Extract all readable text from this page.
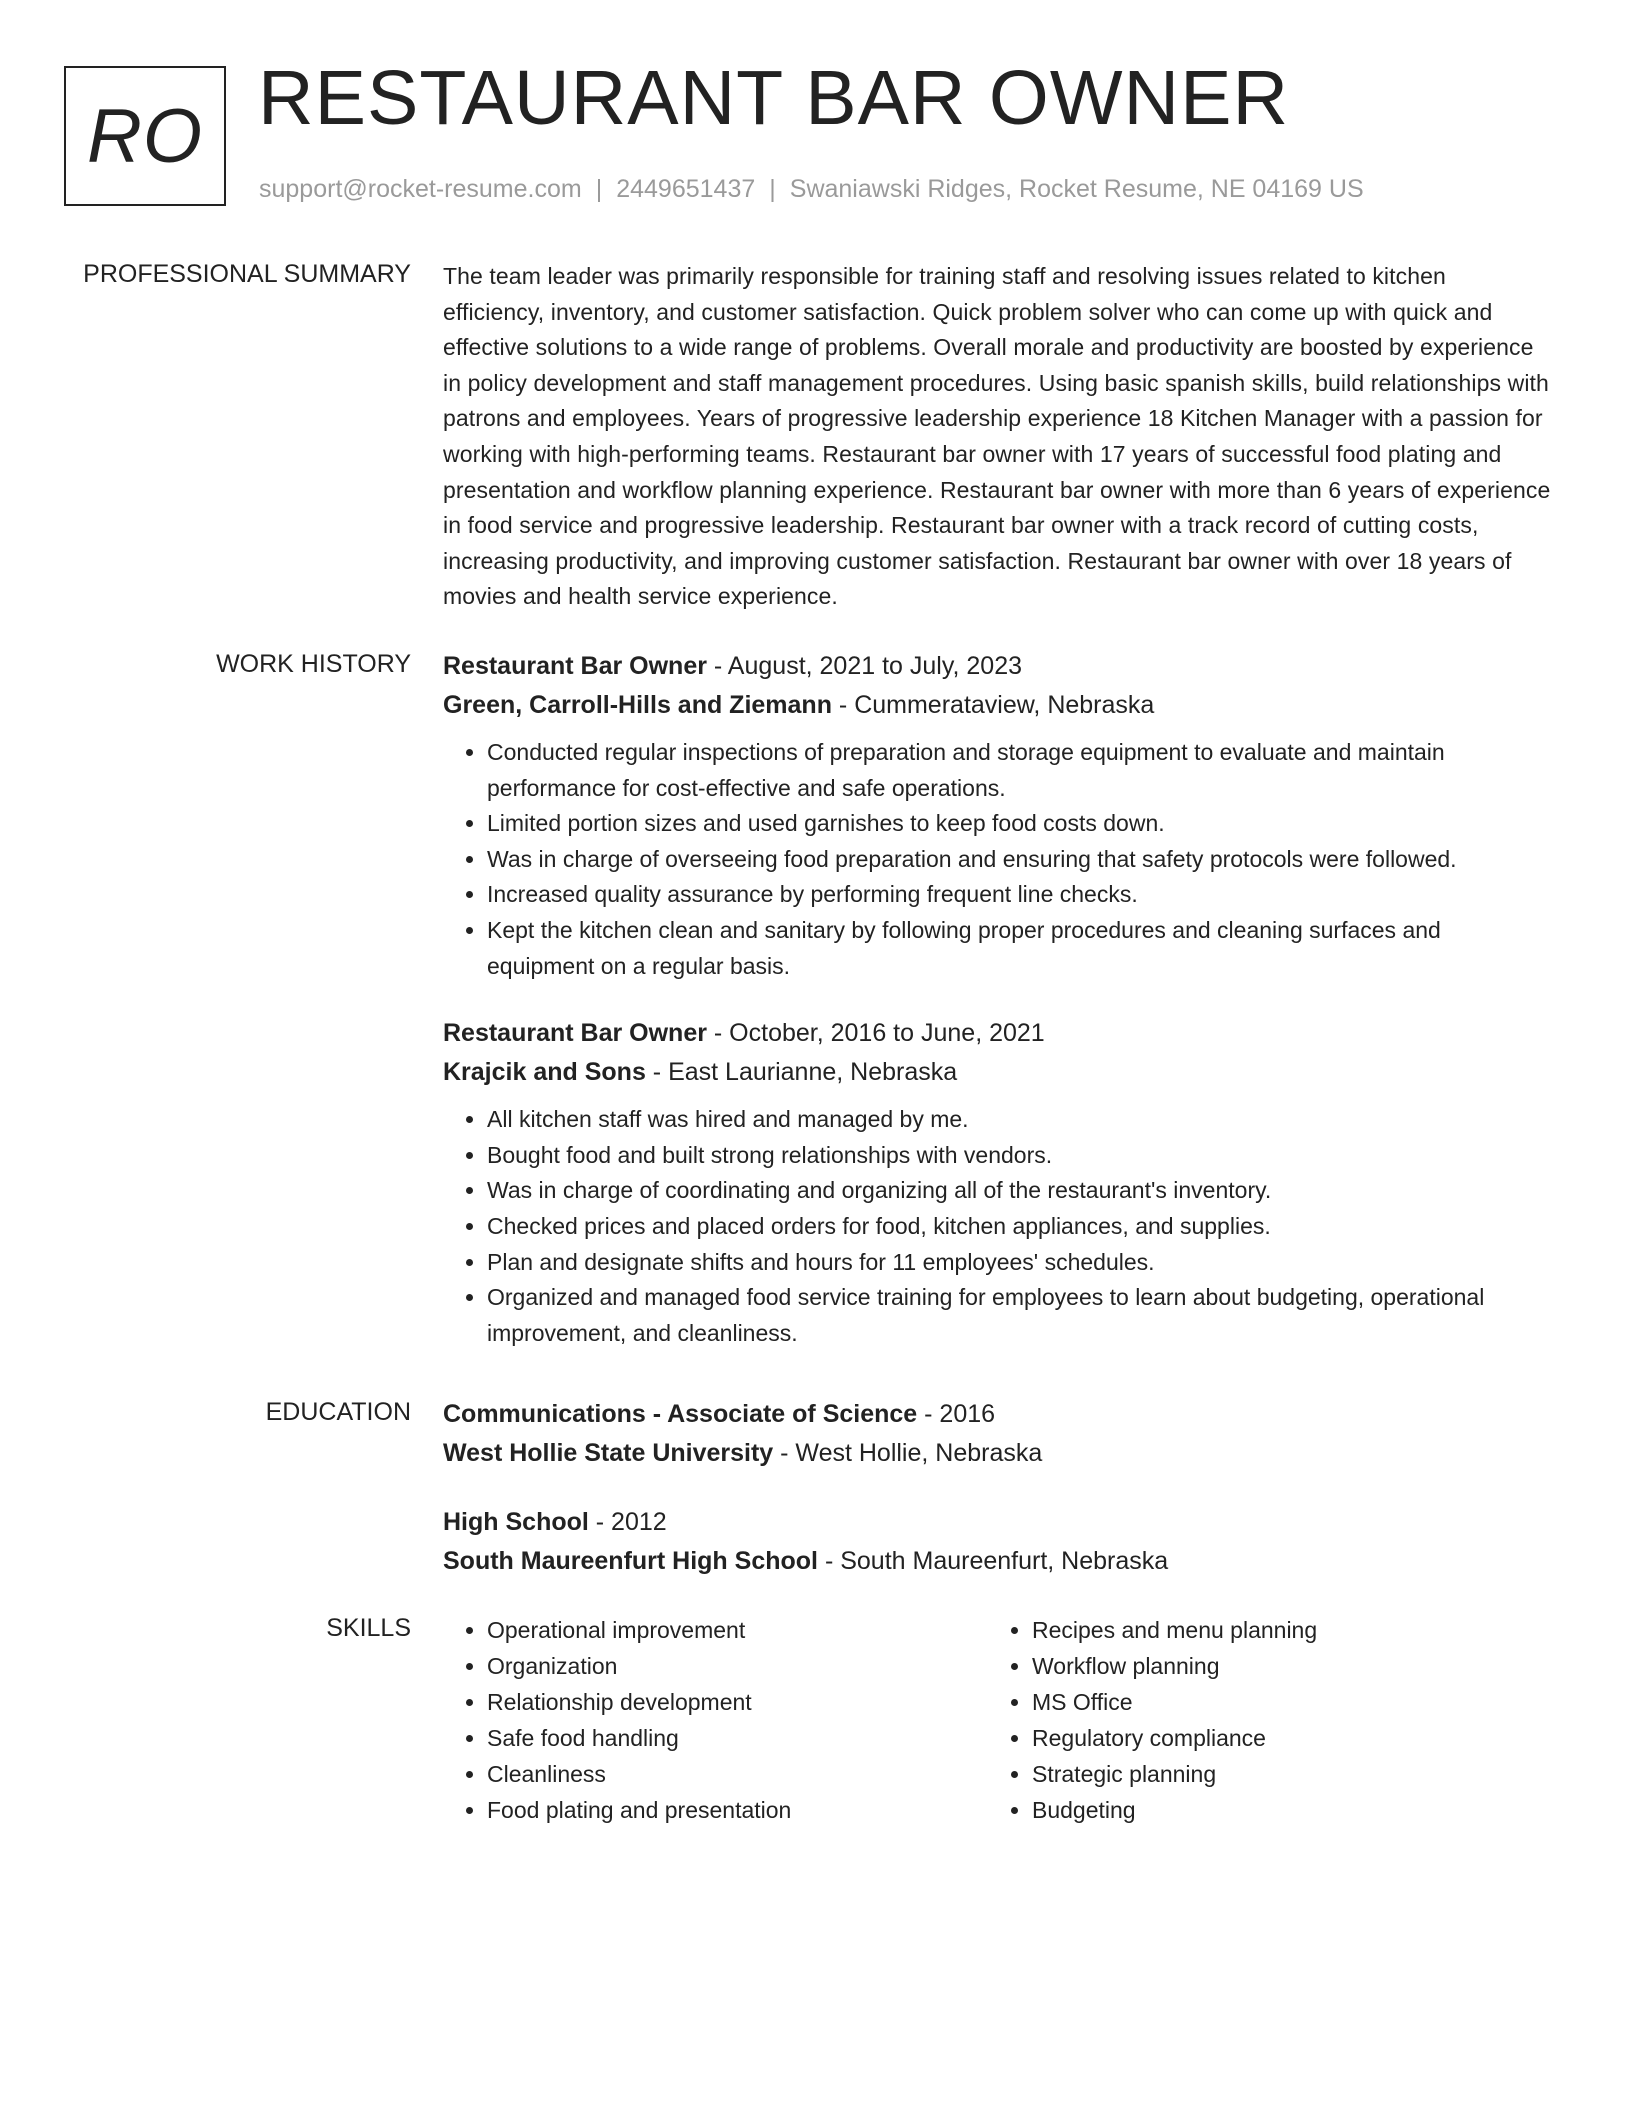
RO RESTAURANT BAR OWNER
support@rocket-resume.com | 2449651437 | Swaniawski Ridges, Rocket Resume, NE 04169 US
PROFESSIONAL SUMMARY The team leader was primarily responsible for training staff and resolving issues related to kitchen efficiency, inventory, and customer satisfaction. Quick problem solver who can come up with quick and effective solutions to a wide range of problems. Overall morale and productivity are boosted by experience in policy development and staff management procedures. Using basic spanish skills, build relationships with patrons and employees. Years of progressive leadership experience 18 Kitchen Manager with a passion for working with high-performing teams. Restaurant bar owner with 17 years of successful food plating and presentation and workflow planning experience. Restaurant bar owner with more than 6 years of experience in food service and progressive leadership. Restaurant bar owner with a track record of cutting costs, increasing productivity, and improving customer satisfaction. Restaurant bar owner with over 18 years of movies and health service experience.

WORK HISTORY Restaurant Bar Owner - August, 2021 to July, 2023
Green, Carroll-Hills and Ziemann - Cummerataview, Nebraska
• Conducted regular inspections of preparation and storage equipment to evaluate and maintain performance for cost-effective and safe operations.
• Limited portion sizes and used garnishes to keep food costs down.
• Was in charge of overseeing food preparation and ensuring that safety protocols were followed.
• Increased quality assurance by performing frequent line checks.
• Kept the kitchen clean and sanitary by following proper procedures and cleaning surfaces and equipment on a regular basis.
Restaurant Bar Owner - October, 2016 to June, 2021
Krajcik and Sons - East Laurianne, Nebraska
• All kitchen staff was hired and managed by me.
• Bought food and built strong relationships with vendors.
• Was in charge of coordinating and organizing all of the restaurant's inventory.
• Checked prices and placed orders for food, kitchen appliances, and supplies.
• Plan and designate shifts and hours for 11 employees' schedules.
• Organized and managed food service training for employees to learn about budgeting, operational improvement, and cleanliness.
EDUCATION Communications - Associate of Science - 2016
West Hollie State University - West Hollie, Nebraska
High School - 2012
South Maureenfurt High School - South Maureenfurt, Nebraska
SKILLS
•	Operational improvement
• Organization
• Relationship development
• Safe food handling
• Cleanliness
• Food plating and presentation
• Recipes and menu planning
• Workflow planning
• MS Office
• Regulatory compliance
• Strategic planning
• Budgeting
